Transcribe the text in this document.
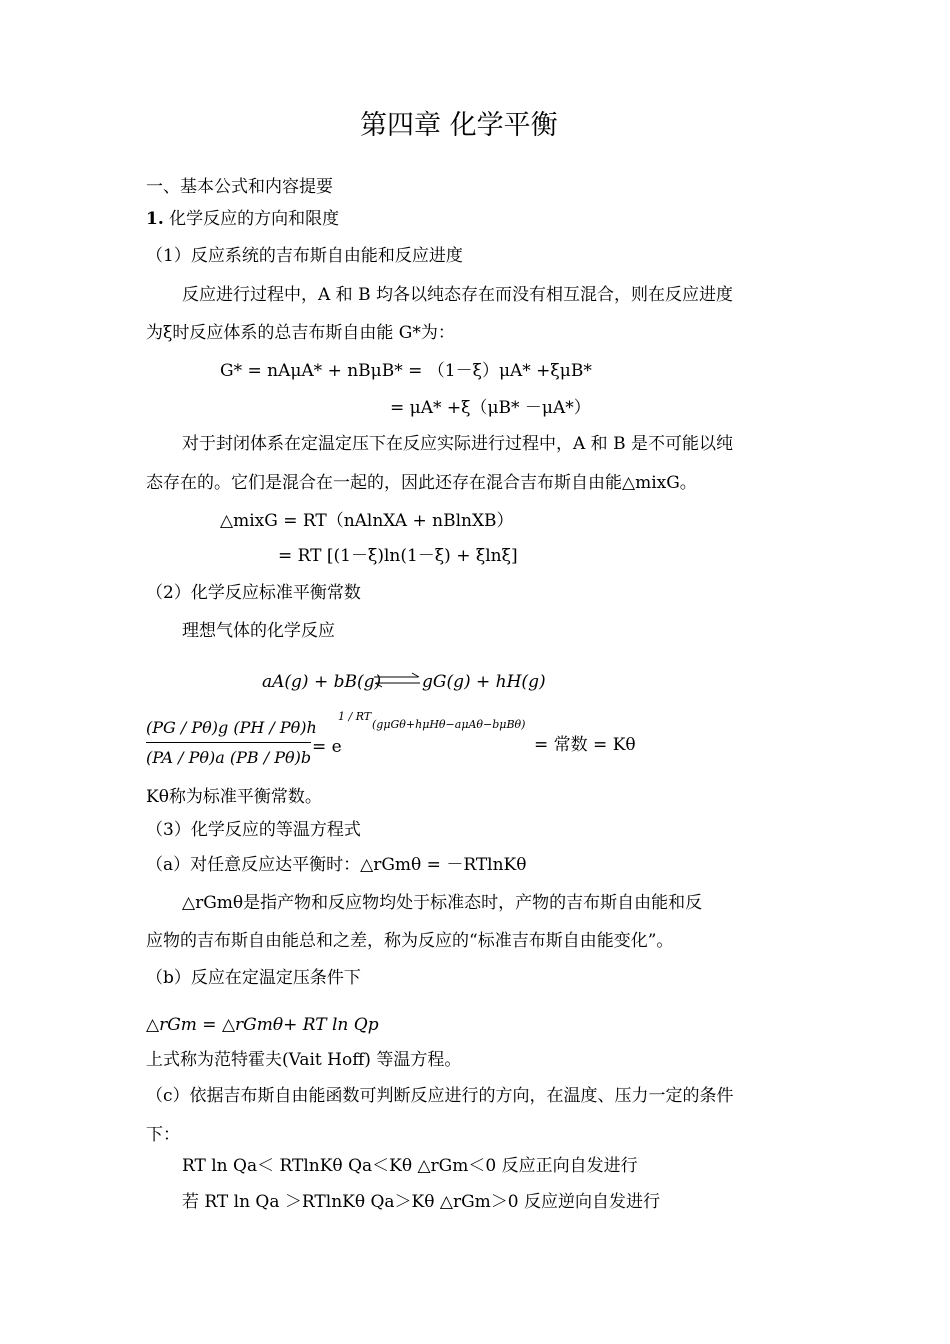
第四章 化学平衡
一、基本公式和内容提要
1. 化学反应的方向和限度
（1）反应系统的吉布斯自由能和反应进度
反应进行过程中，A 和 B 均各以纯态存在而没有相互混合，则在反应进度
为ξ时反应体系的总吉布斯自由能 G*为：
G* = nAμA* + nBμB* = （1－ξ）μA* +ξμB*
= μA* +ξ（μB* －μA*）
对于封闭体系在定温定压下在反应实际进行过程中，A 和 B 是不可能以纯
态存在的。它们是混合在一起的，因此还存在混合吉布斯自由能△mixG。
△mixG = RT（nAlnXA + nBlnXB）
= RT [(1－ξ)ln(1－ξ) + ξlnξ]
（2）化学反应标准平衡常数
理想气体的化学反应
aA(g) + bB(g) ⇌ gG(g) + hH(g)
(PG / Pθ)g (PH / Pθ)h
(PA / Pθ)a (PB / Pθ)b
= e
1 / RT
(gμGθ+hμHθ−aμAθ−bμBθ)
= 常数 = Kθ
Kθ称为标准平衡常数。
（3）化学反应的等温方程式
（a）对任意反应达平衡时：△rGmθ = －RTlnKθ
△rGmθ是指产物和反应物均处于标准态时，产物的吉布斯自由能和反
应物的吉布斯自由能总和之差，称为反应的“标准吉布斯自由能变化”。
（b）反应在定温定压条件下
△rGm = △rGmθ+ RT ln Qp
上式称为范特霍夫(Vait Hoff) 等温方程。
（c）依据吉布斯自由能函数可判断反应进行的方向，在温度、压力一定的条件
下：
RT ln Qa＜ RTlnKθ Qa＜Kθ △rGm＜0 反应正向自发进行
若 RT ln Qa ＞RTlnKθ Qa＞Kθ △rGm＞0 反应逆向自发进行
